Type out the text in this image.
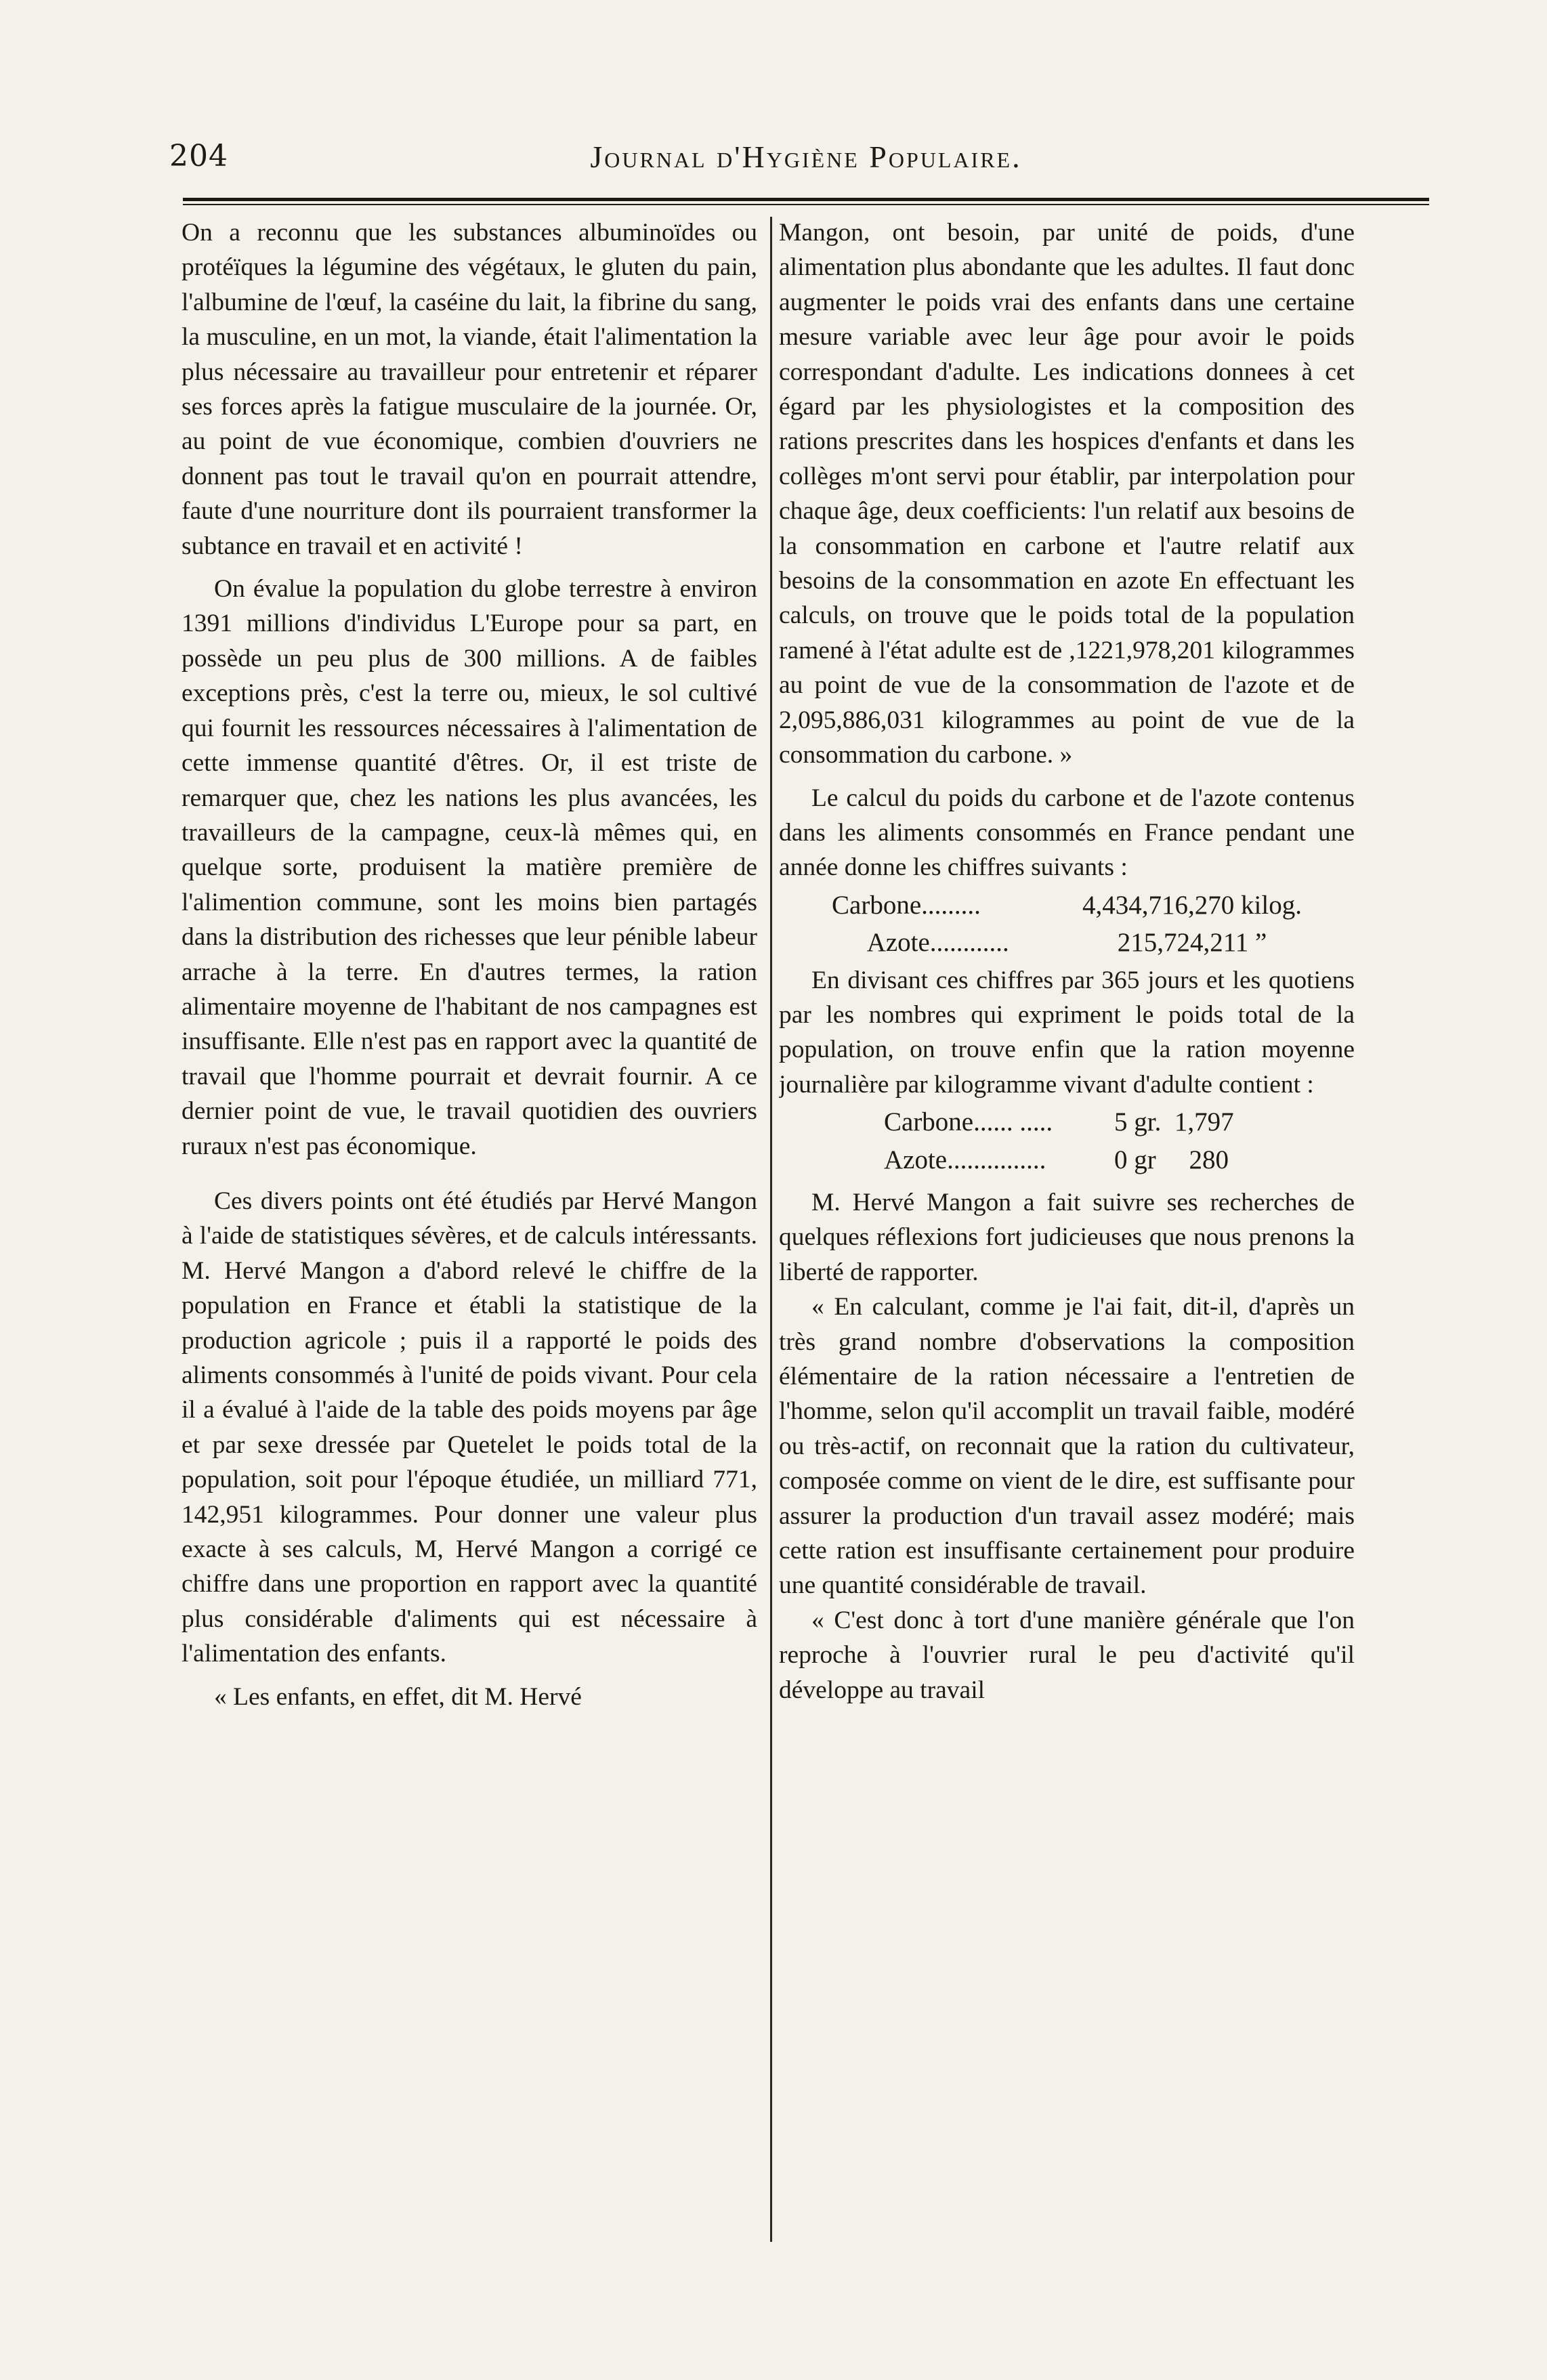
204	Journal d'Hygiène Populaire.

On a reconnu que les substances albuminoïdes ou protéïques la légumine des végétaux, le gluten du pain, l'albumine de l'œuf, la caséine du lait, la fibrine du sang, la musculine, en un mot, la viande, était l'alimentation la plus nécessaire au travailleur pour entretenir et réparer ses forces après la fatigue musculaire de la journée. Or, au point de vue économique, combien d'ouvriers ne donnent pas tout le travail qu'on en pourrait attendre, faute d'une nourriture dont ils pourraient transformer la subtance en travail et en activité !

On évalue la population du globe terrestre à environ 1391 millions d'individus L'Europe pour sa part, en possède un peu plus de 300 millions. A de faibles exceptions près, c'est la terre ou, mieux, le sol cultivé qui fournit les ressources nécessaires à l'alimentation de cette immense quantité d'êtres. Or, il est triste de remarquer que, chez les nations les plus avancées, les travailleurs de la campagne, ceux-là mêmes qui, en quelque sorte, produisent la matière première de l'alimention commune, sont les moins bien partagés dans la distribution des richesses que leur pénible labeur arrache à la terre. En d'autres termes, la ration alimentaire moyenne de l'habitant de nos campagnes est insuffisante. Elle n'est pas en rapport avec la quantité de travail que l'homme pourrait et devrait fournir. A ce dernier point de vue, le travail quotidien des ouvriers ruraux n'est pas économique.

Ces divers points ont été étudiés par Hervé Mangon à l'aide de statistiques sévères, et de calculs intéressants. M. Hervé Mangon a d'abord relevé le chiffre de la population en France et établi la statistique de la production agricole ; puis il a rapporté le poids des aliments consommés à l'unité de poids vivant. Pour cela il a évalué à l'aide de la table des poids moyens par âge et par sexe dressée par Quetelet le poids total de la population, soit pour l'époque étudiée, un milliard 771, 142,951 kilogrammes. Pour donner une valeur plus exacte à ses calculs, M, Hervé Mangon a corrigé ce chiffre dans une proportion en rapport avec la quantité plus considérable d'aliments qui est nécessaire à l'alimentation des enfants.

« Les enfants, en effet, dit M. Hervé

Mangon, ont besoin, par unité de poids, d'une alimentation plus abondante que les adultes. Il faut donc augmenter le poids vrai des enfants dans une certaine mesure variable avec leur âge pour avoir le poids correspondant d'adulte. Les indications donnees à cet égard par les physiologistes et la composition des rations prescrites dans les hospices d'enfants et dans les collèges m'ont servi pour établir, par interpolation pour chaque âge, deux coefficients: l'un relatif aux besoins de la consommation en carbone et l'autre relatif aux besoins de la consommation en azote En effectuant les calculs, on trouve que le poids total de la population ramené à l'état adulte est de ,1221,978,201 kilogrammes au point de vue de la consommation de l'azote et de 2,095,886,031 kilogrammes au point de vue de la consommation du carbone. »

Le calcul du poids du carbone et de l'azote contenus dans les aliments consommés en France pendant une année donne les chiffres suivants :

Carbone.........	4,434,716,270 kilog.
Azote............	215,724,211 ”

En divisant ces chiffres par 365 jours et les quotiens par les nombres qui expriment le poids total de la population, on trouve enfin que la ration moyenne journalière par kilogramme vivant d'adulte contient :

Carbone...... .....	5 gr.  1,797
Azote...............	0 gr     280

M. Hervé Mangon a fait suivre ses recherches de quelques réflexions fort judicieuses que nous prenons la liberté de rapporter.

« En calculant, comme je l'ai fait, dit-il, d'après un très grand nombre d'observations la composition élémentaire de la ration nécessaire a l'entretien de l'homme, selon qu'il accomplit un travail faible, modéré ou très-actif, on reconnait que la ration du cultivateur, composée comme on vient de le dire, est suffisante pour assurer la production d'un travail assez modéré; mais cette ration est insuffisante certainement pour produire une quantité considérable de travail.

« C'est donc à tort d'une manière générale que l'on reproche à l'ouvrier rural le peu d'activité qu'il développe au travail
